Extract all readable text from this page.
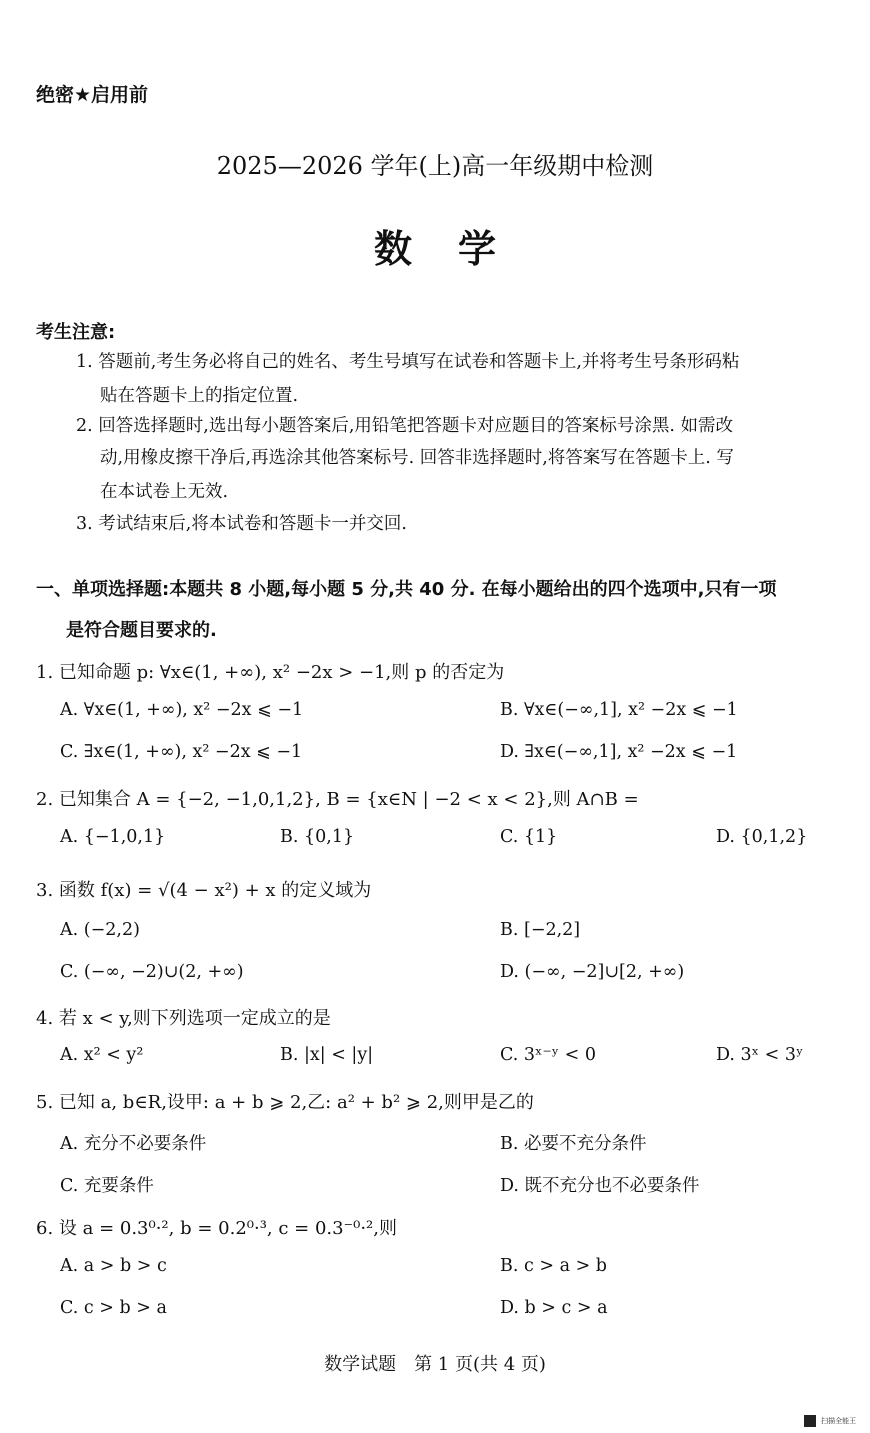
绝密★启用前
2025—2026 学年(上)高一年级期中检测
数学
考生注意:
1. 答题前,考生务必将自己的姓名、考生号填写在试卷和答题卡上,并将考生号条形码粘
贴在答题卡上的指定位置.
2. 回答选择题时,选出每小题答案后,用铅笔把答题卡对应题目的答案标号涂黑. 如需改
动,用橡皮擦干净后,再选涂其他答案标号. 回答非选择题时,将答案写在答题卡上. 写
在本试卷上无效.
3. 考试结束后,将本试卷和答题卡一并交回.
一、单项选择题:本题共 8 小题,每小题 5 分,共 40 分. 在每小题给出的四个选项中,只有一项
是符合题目要求的.
1. 已知命题 p: ∀x∈(1, +∞), x² −2x > −1,则 p 的否定为
A. ∀x∈(1, +∞), x² −2x ⩽ −1	B. ∀x∈(−∞,1], x² −2x ⩽ −1
C. ∃x∈(1, +∞), x² −2x ⩽ −1	D. ∃x∈(−∞,1], x² −2x ⩽ −1
2. 已知集合 A = {−2, −1,0,1,2}, B = {x∈N | −2 < x < 2},则 A∩B =
A. {−1,0,1}	B. {0,1}	C. {1}	D. {0,1,2}
3. 函数 f(x) = √(4 − x²) + x 的定义域为
A. (−2,2)	B. [−2,2]
C. (−∞, −2)∪(2, +∞)	D. (−∞, −2]∪[2, +∞)
4. 若 x < y,则下列选项一定成立的是
A. x² < y²	B. |x| < |y|	C. 3ˣ⁻ʸ < 0	D. 3ˣ < 3ʸ
5. 已知 a, b∈R,设甲: a + b ⩾ 2,乙: a² + b² ⩾ 2,则甲是乙的
A. 充分不必要条件	B. 必要不充分条件
C. 充要条件	D. 既不充分也不必要条件
6. 设 a = 0.3⁰·², b = 0.2⁰·³, c = 0.3⁻⁰·²,则
A. a > b > c	B. c > a > b
C. c > b > a	D. b > c > a
数学试题　第 1 页(共 4 页)
扫描全能王
